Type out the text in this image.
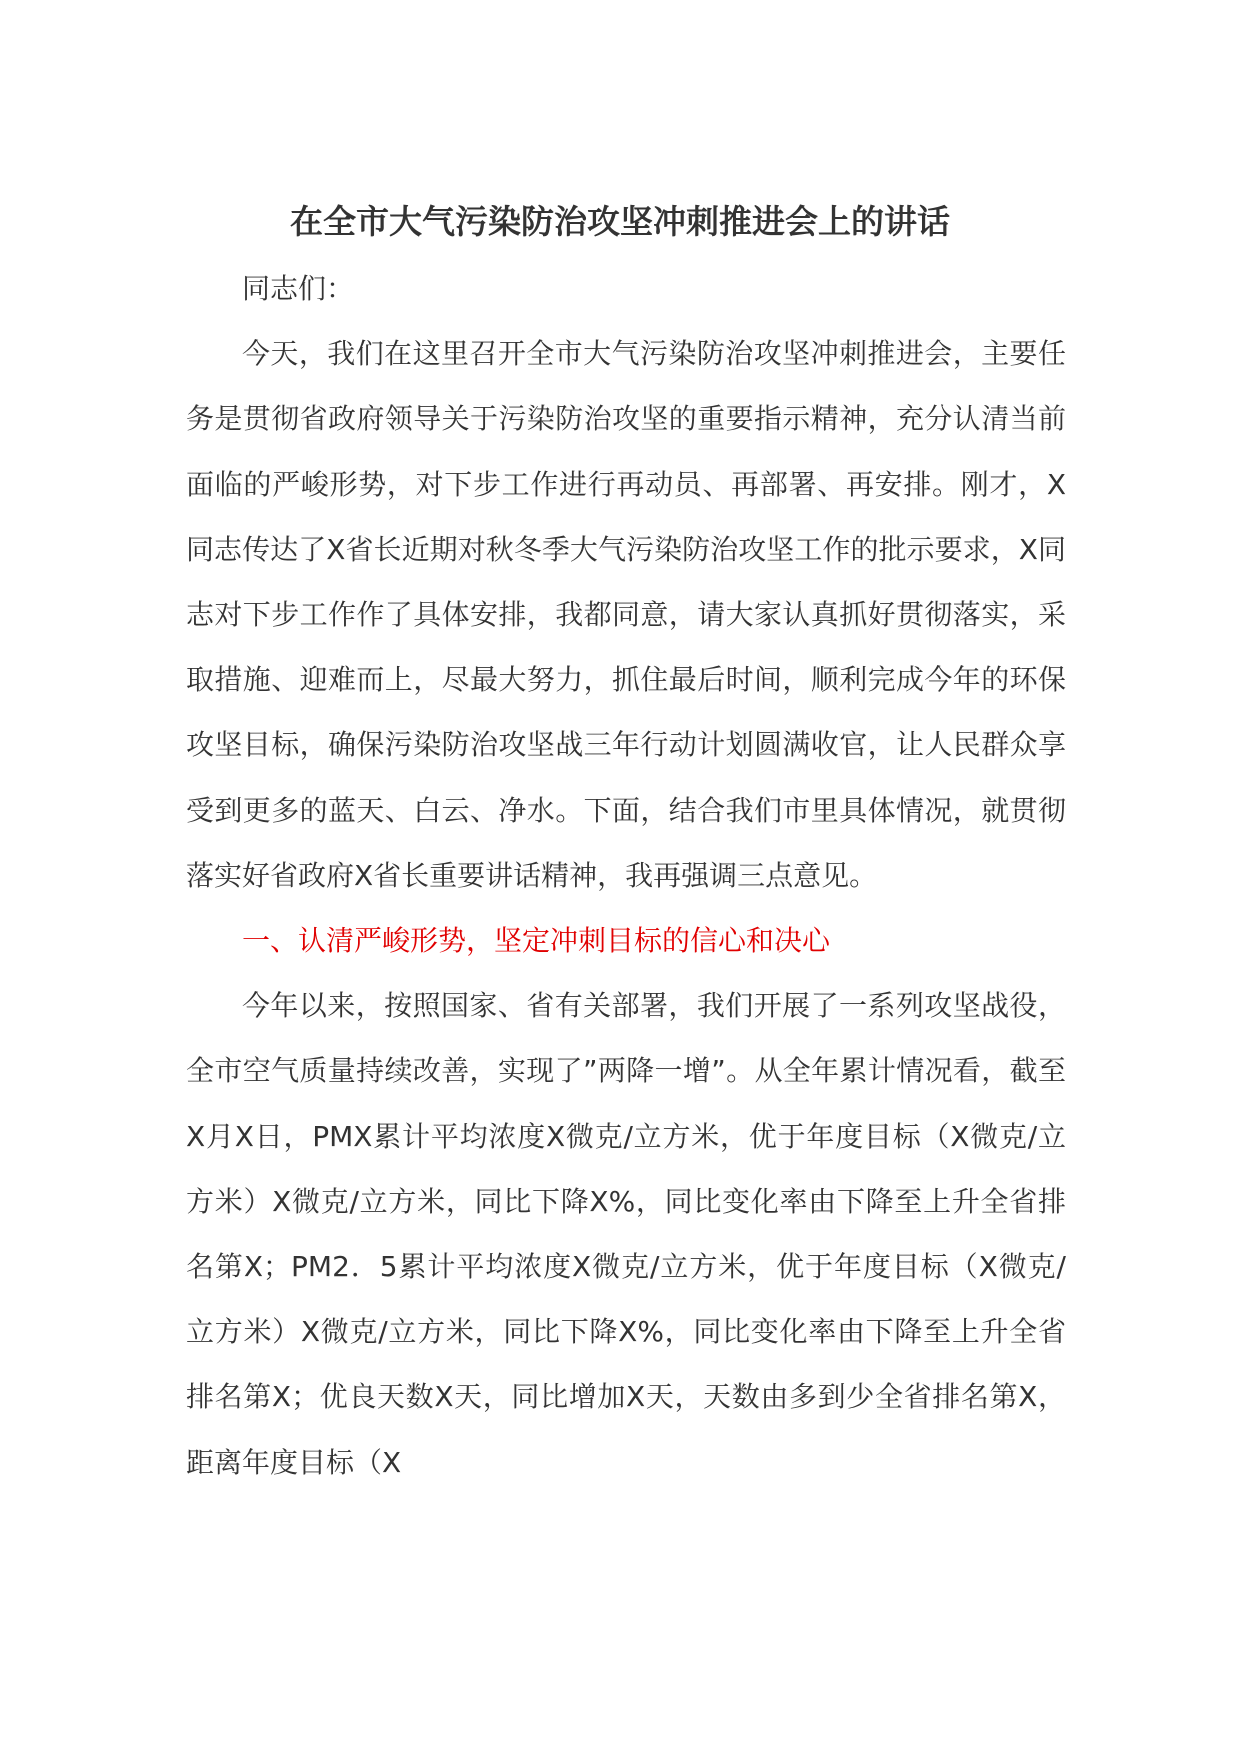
在全市大气污染防治攻坚冲刺推进会上的讲话

同志们：

今天，我们在这里召开全市大气污染防治攻坚冲刺推进会，主要任务是贯彻省政府领导关于污染防治攻坚的重要指示精神，充分认清当前面临的严峻形势，对下步工作进行再动员、再部署、再安排。刚才，X同志传达了X省长近期对秋冬季大气污染防治攻坚工作的批示要求，X同志对下步工作作了具体安排，我都同意，请大家认真抓好贯彻落实，采取措施、迎难而上，尽最大努力，抓住最后时间，顺利完成今年的环保攻坚目标，确保污染防治攻坚战三年行动计划圆满收官，让人民群众享受到更多的蓝天、白云、净水。下面，结合我们市里具体情况，就贯彻落实好省政府X省长重要讲话精神，我再强调三点意见。

一、认清严峻形势，坚定冲刺目标的信心和决心

今年以来，按照国家、省有关部署，我们开展了一系列攻坚战役，全市空气质量持续改善，实现了”两降一增”。从全年累计情况看，截至X月X日，PMX累计平均浓度X微克/立方米，优于年度目标（X微克/立方米）X微克/立方米，同比下降X%，同比变化率由下降至上升全省排名第X；PM2．5累计平均浓度X微克/立方米，优于年度目标（X微克/立方米）X微克/立方米，同比下降X%，同比变化率由下降至上升全省排名第X；优良天数X天，同比增加X天，天数由多到少全省排名第X，距离年度目标（X
